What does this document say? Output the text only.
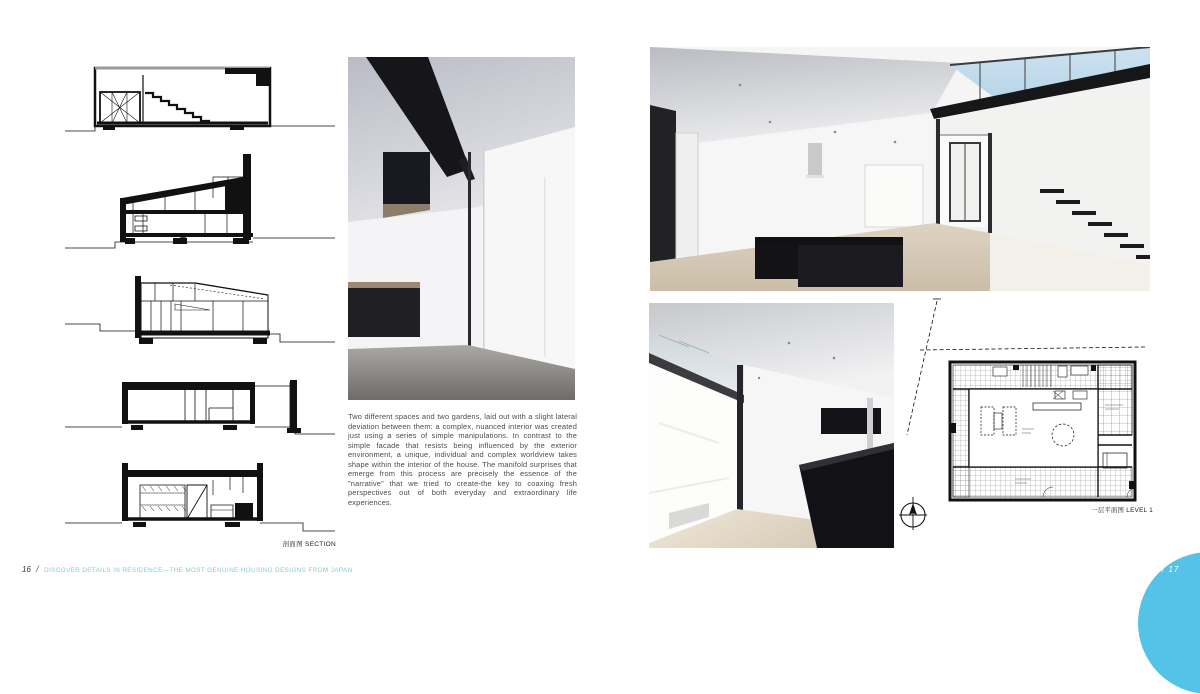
剖面图 SECTION
Two different spaces and two gardens, laid out with a slight lateral deviation between them: a complex, nuanced interior was created just using a series of simple manipulations. In contrast to the simple facade that resists being influenced by the exterior environment, a unique, individual and complex worldview takes shape within the interior of the house. The manifold surprises that emerge from this process are precisely the essence of the "narrative" that we tried to create-the key to coaxing fresh perspectives out of both everyday and extraordinary life experiences.
16 / DISCOVER DETAILS IN RESIDENCE—THE MOST GENUINE HOUSING DESIGNS FROM JAPAN
一层平面图 LEVEL 1
/ 17
